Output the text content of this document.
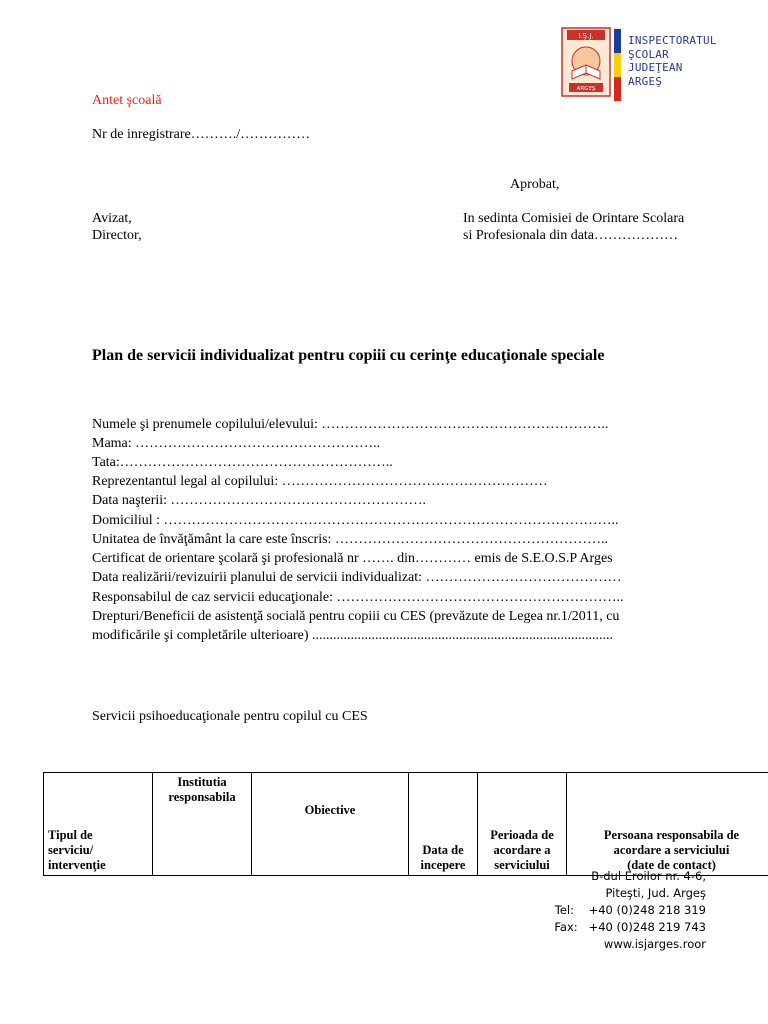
I.Ş.J.
ARGEŞ
INSPECTORATUL
ŞCOLAR
JUDEŢEAN
ARGEŞ
Antet şcoală
Nr de inregistrare………./……………
Aprobat,
Avizat,
Director,
In sedinta Comisiei de Orintare Scolara
si Profesionala din data………………
Plan de servicii individualizat pentru copiii cu cerinţe educaţionale speciale
Numele şi prenumele copilului/elevului: ……………………………………………………..
Mama: ……………………………………………..
Tata:…………………………………………………..
Reprezentantul legal al copilului: …………………………………………………
Data naşterii: ……………………………………………….
Domiciliul : ……………………………………………………………………………………..
Unitatea de învăţământ la care este înscris: …………………………………………………..
Certificat de orientare şcolară şi profesională nr ……. din………… emis de S.E.O.S.P Arges
Data realizării/revizuirii planului de servicii individualizat: ……………………………………
Responsabilul de caz servicii educaţionale: ……………………………………………………..
Drepturi/Beneficii de asistenţă socială pentru copiii cu CES (prevăzute de Legea nr.1/2011, cu
modificările şi completările ulterioare) ......................................................................................
Servicii psihoeducaţionale pentru copilul cu CES
Tipul de
serviciu/
intervenţie

Institutia
responsabila

Obiective

Data de
incepere

Perioada de
acordare a
serviciului

Persoana responsabila de
acordare a serviciului
(date de contact)
B-dul Eroilor nr. 4-6,
Piteşti, Jud. Argeş
Tel: +40 (0)248 218 319
Fax: +40 (0)248 219 743
www.isjarges.roor
